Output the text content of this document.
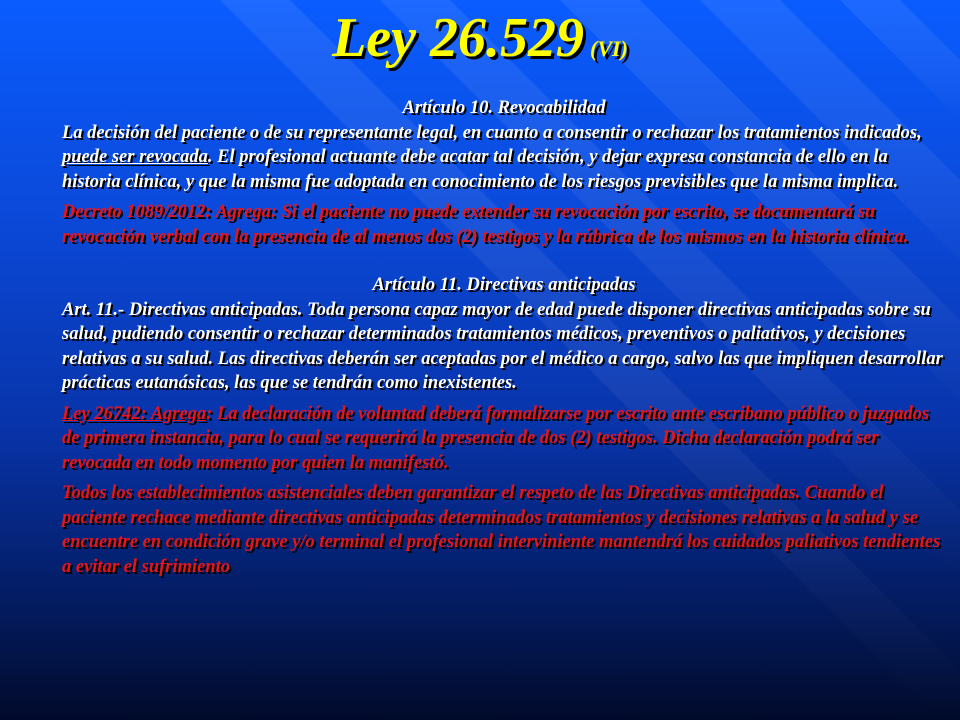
Ley 26.529 (VI)

Artículo 10. Revocabilidad

La decisión del paciente o de su representante legal, en cuanto a consentir o rechazar los tratamientos indicados, puede ser revocada. El profesional actuante debe acatar tal decisión, y dejar expresa constancia de ello en la historia clínica, y que la misma fue adoptada en conocimiento de los riesgos previsibles que la misma implica.

Decreto 1089/2012: Agrega: Si el paciente no puede extender su revocación por escrito, se documentará su revocación verbal con la presencia de al menos dos (2) testigos y la rúbrica de los mismos en la historia clínica.

Artículo 11. Directivas anticipadas

Art. 11.- Directivas anticipadas. Toda persona capaz mayor de edad puede disponer directivas anticipadas sobre su salud, pudiendo consentir o rechazar determinados tratamientos médicos, preventivos o paliativos, y decisiones relativas a su salud. Las directivas deberán ser aceptadas por el médico a cargo, salvo las que impliquen desarrollar prácticas eutanásicas, las que se tendrán como inexistentes.

Ley 26742: Agrega: La declaración de voluntad deberá formalizarse por escrito ante escribano público o juzgados de primera instancia, para lo cual se requerirá la presencia de dos (2) testigos. Dicha declaración podrá ser revocada en todo momento por quien la manifestó.

Todos los establecimientos asistenciales deben garantizar el respeto de las Directivas anticipadas. Cuando el paciente rechace mediante directivas anticipadas determinados tratamientos y decisiones relativas a la salud y se encuentre en condición grave y/o terminal el profesional interviniente mantendrá los cuidados paliativos tendientes a evitar el sufrimiento
